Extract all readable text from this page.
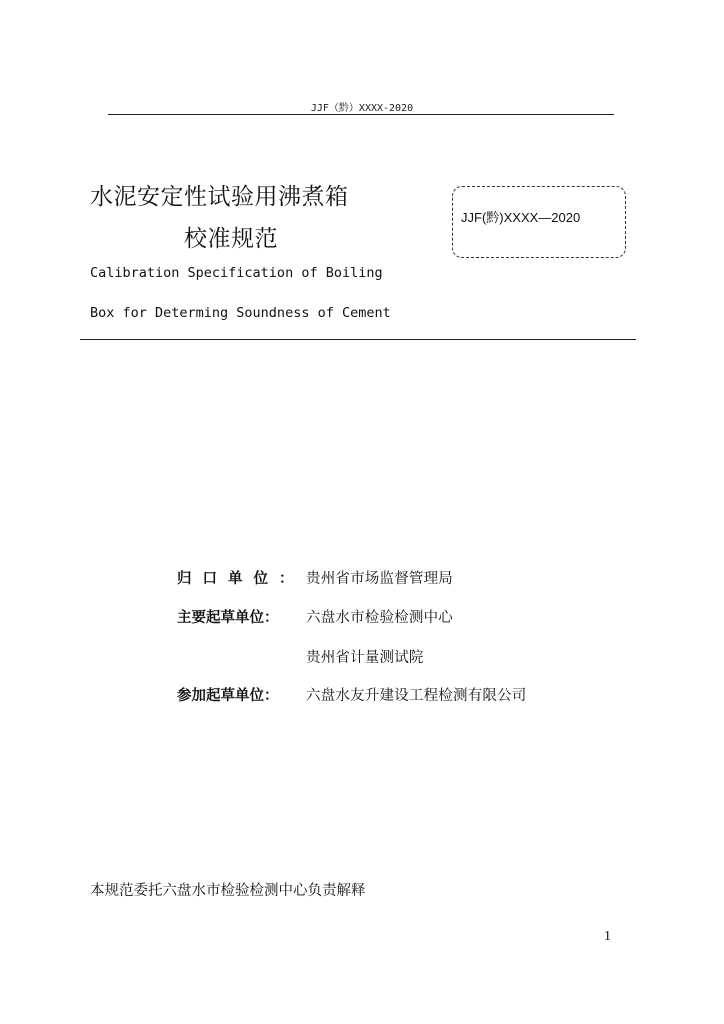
JJF（黔）XXXX-2020
水泥安定性试验用沸煮箱
校准规范
JJF(黔)XXXX—2020
Calibration Specification of Boiling
Box for Determing Soundness of Cement
归口单位： 贵州省市场监督管理局
主要起草单位： 六盘水市检验检测中心
贵州省计量测试院
参加起草单位： 六盘水友升建设工程检测有限公司
本规范委托六盘水市检验检测中心负责解释
1
